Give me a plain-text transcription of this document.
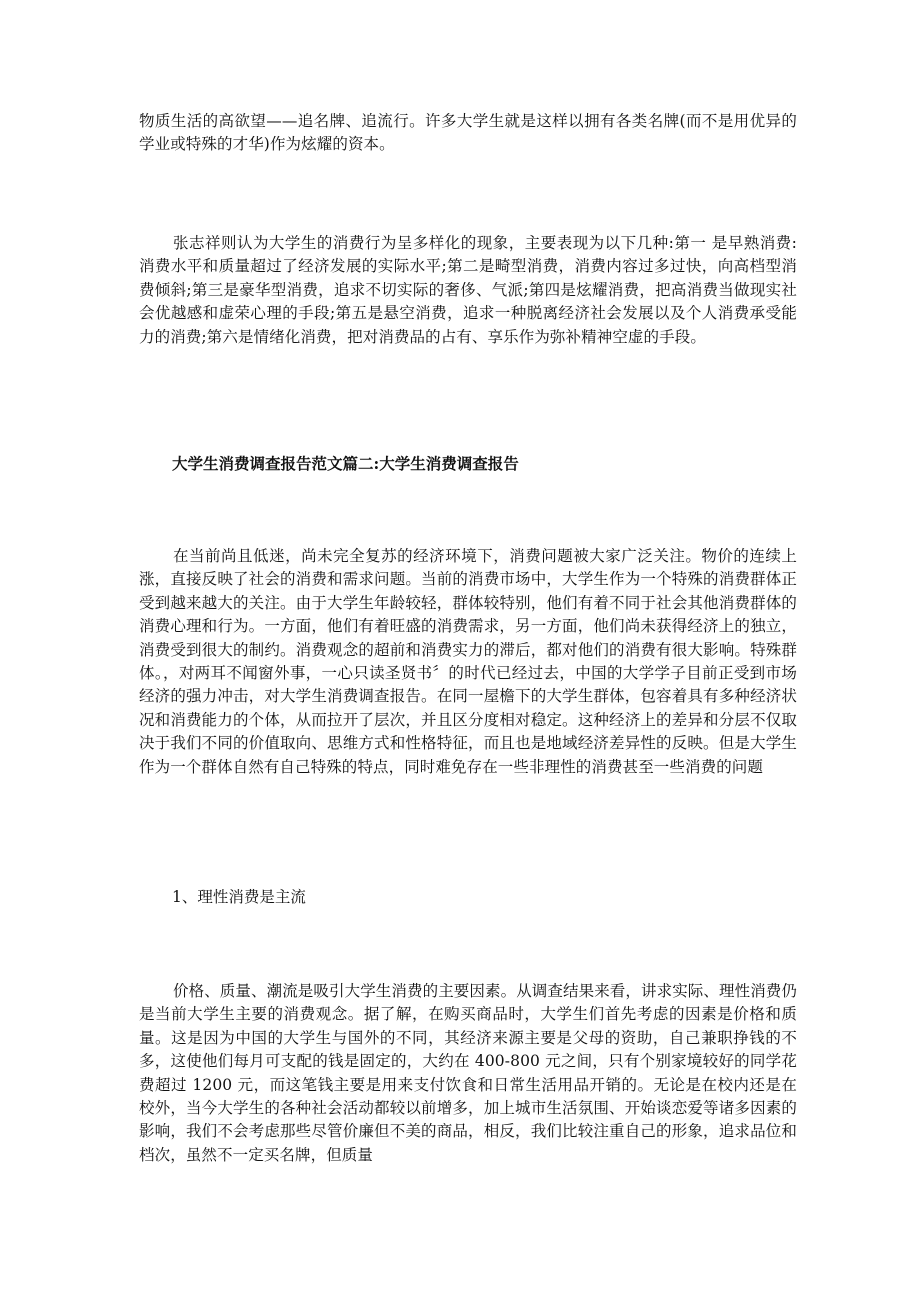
物质生活的高欲望——追名牌、追流行。许多大学生就是这样以拥有各类名牌(而不是用优异的学业或特殊的才华)作为炫耀的资本。

张志祥则认为大学生的消费行为呈多样化的现象，主要表现为以下几种:第一 是早熟消费:消费水平和质量超过了经济发展的实际水平;第二是畸型消费，消费内容过多过快，向高档型消费倾斜;第三是豪华型消费，追求不切实际的奢侈、气派;第四是炫耀消费，把高消费当做现实社会优越感和虚荣心理的手段;第五是悬空消费，追求一种脱离经济社会发展以及个人消费承受能力的消费;第六是情绪化消费，把对消费品的占有、享乐作为弥补精神空虚的手段。

大学生消费调查报告范文篇二:大学生消费调查报告

在当前尚且低迷，尚未完全复苏的经济环境下，消费问题被大家广泛关注。物价的连续上涨，直接反映了社会的消费和需求问题。当前的消费市场中，大学生作为一个特殊的消费群体正受到越来越大的关注。由于大学生年龄较轻，群体较特别，他们有着不同于社会其他消费群体的消费心理和行为。一方面，他们有着旺盛的消费需求，另一方面，他们尚未获得经济上的独立，消费受到很大的制约。消费观念的超前和消费实力的滞后，都对他们的消费有很大影响。特殊群体。，对两耳不闻窗外事，一心只读圣贤书〞的时代已经过去，中国的大学学子目前正受到市场经济的强力冲击，对大学生消费调查报告。在同一屋檐下的大学生群体，包容着具有多种经济状况和消费能力的个体，从而拉开了层次，并且区分度相对稳定。这种经济上的差异和分层不仅取决于我们不同的价值取向、思维方式和性格特征，而且也是地域经济差异性的反映。但是大学生作为一个群体自然有自己特殊的特点，同时难免存在一些非理性的消费甚至一些消费的问题

1、理性消费是主流

价格、质量、潮流是吸引大学生消费的主要因素。从调查结果来看，讲求实际、理性消费仍是当前大学生主要的消费观念。据了解，在购买商品时，大学生们首先考虑的因素是价格和质量。这是因为中国的大学生与国外的不同，其经济来源主要是父母的资助，自己兼职挣钱的不多，这使他们每月可支配的钱是固定的，大约在 400-800 元之间，只有个别家境较好的同学花费超过 1200 元，而这笔钱主要是用来支付饮食和日常生活用品开销的。无论是在校内还是在校外，当今大学生的各种社会活动都较以前增多，加上城市生活氛围、开始谈恋爱等诸多因素的影响，我们不会考虑那些尽管价廉但不美的商品，相反，我们比较注重自己的形象，追求品位和档次，虽然不一定买名牌，但质量
